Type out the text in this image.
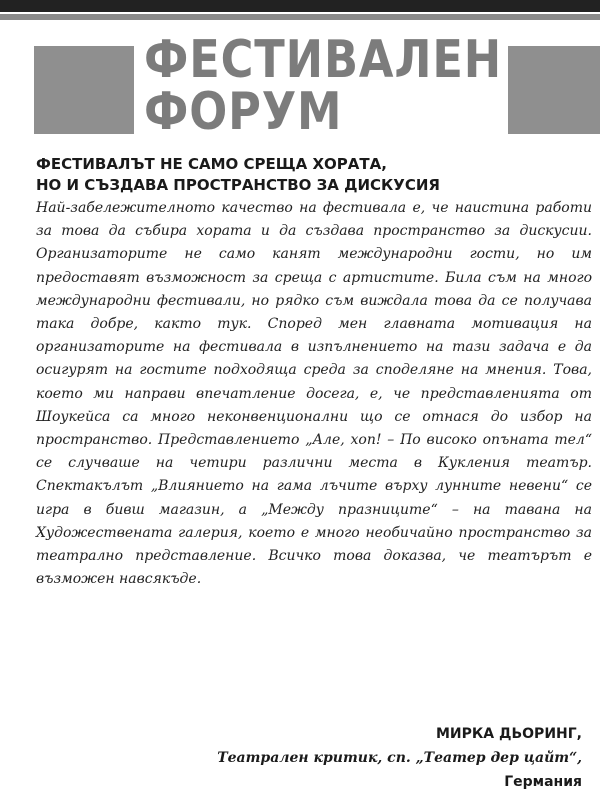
ФЕСТИВАЛЕН
ФОРУМ
ФЕСТИВАЛЪТ НЕ САМО СРЕЩА ХОРАТА,
НО И СЪЗДАВА ПРОСТРАНСТВО ЗА ДИСКУСИЯ
Най-забележителното качество на фестивала е, че наистина работи за това да събира хората и да създава пространство за дискусии. Организаторите не само канят международни гости, но им предоставят възможност за среща с артистите. Била съм на много международни фестивали, но рядко съм виждала това да се получава така добре, както тук. Според мен главната мотивация на организаторите на фестивала в изпълнението на тази задача е да осигурят на гостите подходяща среда за споделяне на мнения. Това, което ми направи впечатление досега, е, че представленията от Шоукейса са много неконвенционални що се отнася до избор на пространство. Представлението „Але, хоп! – По високо опъната тел“ се случваше на четири различни места в Кукления театър. Спектакълът „Влиянието на гама лъчите върху лунните невени“ се игра в бивш магазин, а „Между празниците“ – на тавана на Художествената галерия, което е много необичайно пространство за театрално представление. Всичко това доказва, че театърът е възможен навсякъде.
МИРКА ДЬОРИНГ,
Театрален критик, сп. „Театер дер цайт“,
Германия
